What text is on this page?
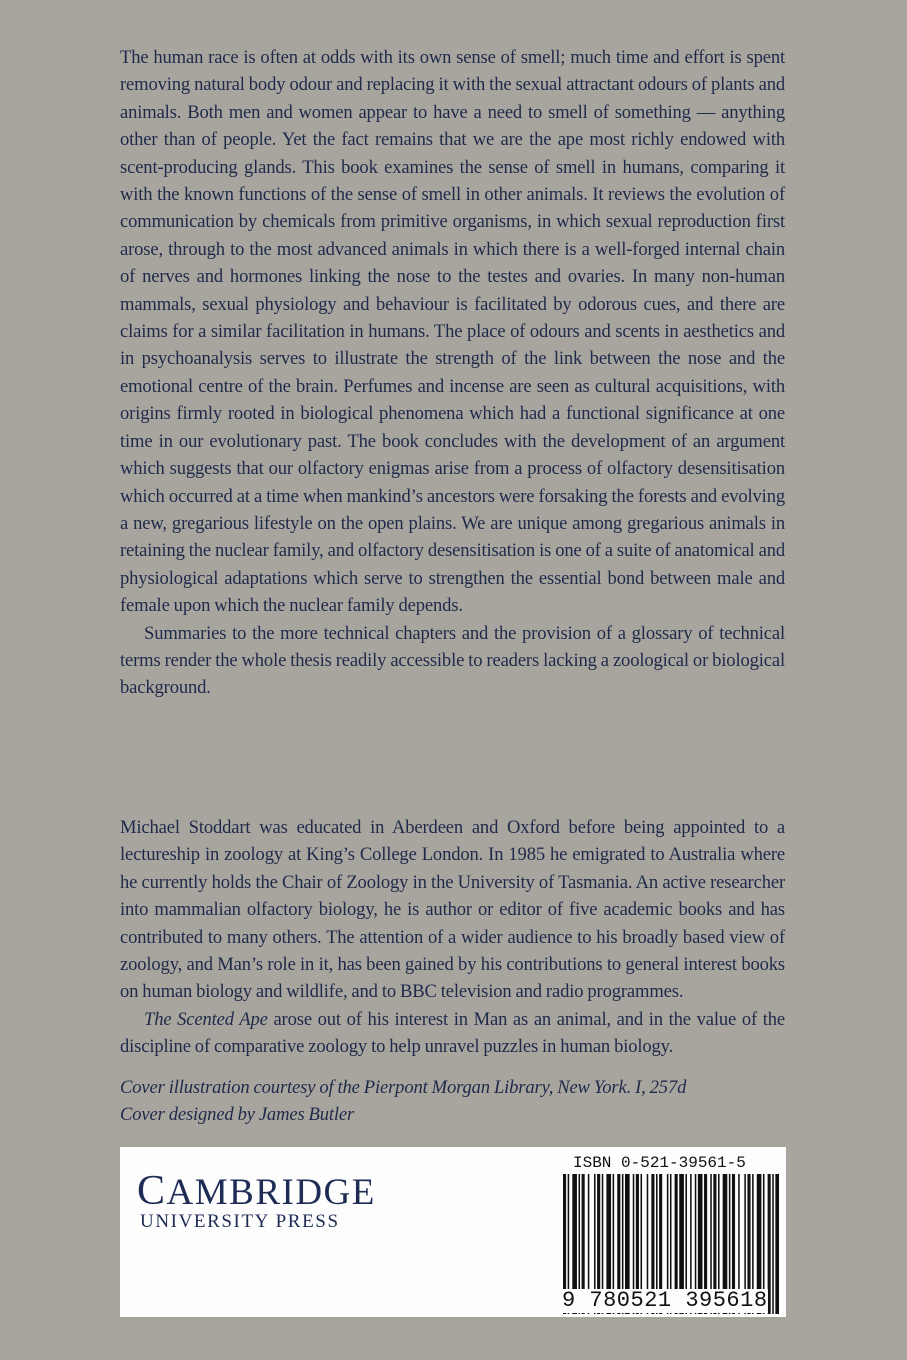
The human race is often at odds with its own sense of smell; much time and effort is spent removing natural body odour and replacing it with the sexual attractant odours of plants and animals. Both men and women appear to have a need to smell of something — anything other than of people. Yet the fact remains that we are the ape most richly endowed with scent-producing glands. This book examines the sense of smell in humans, comparing it with the known functions of the sense of smell in other animals. It reviews the evolution of communication by chemicals from primitive organisms, in which sexual reproduction first arose, through to the most advanced animals in which there is a well-forged internal chain of nerves and hormones linking the nose to the testes and ovaries. In many non-human mammals, sexual physiology and behaviour is facilitated by odorous cues, and there are claims for a similar facilitation in humans. The place of odours and scents in aesthetics and in psychoanalysis serves to illustrate the strength of the link between the nose and the emotional centre of the brain. Perfumes and incense are seen as cultural acquisitions, with origins firmly rooted in biological phenomena which had a functional significance at one time in our evolutionary past. The book concludes with the development of an argument which suggests that our olfactory enigmas arise from a process of olfactory desensitisation which occurred at a time when mankind’s ancestors were forsaking the forests and evolving a new, gregarious lifestyle on the open plains. We are unique among gregarious animals in retaining the nuclear family, and olfactory desensitisation is one of a suite of anatomical and physiological adaptations which serve to strengthen the essential bond between male and female upon which the nuclear family depends.

Summaries to the more technical chapters and the provision of a glossary of technical terms render the whole thesis readily accessible to readers lacking a zoological or biological background.

Michael Stoddart was educated in Aberdeen and Oxford before being appointed to a lectureship in zoology at King’s College London. In 1985 he emigrated to Australia where he currently holds the Chair of Zoology in the University of Tasmania. An active researcher into mammalian olfactory biology, he is author or editor of five academic books and has contributed to many others. The attention of a wider audience to his broadly based view of zoology, and Man’s role in it, has been gained by his contributions to general interest books on human biology and wildlife, and to BBC television and radio programmes.

The Scented Ape arose out of his interest in Man as an animal, and in the value of the discipline of comparative zoology to help unravel puzzles in human biology.

Cover illustration courtesy of the Pierpont Morgan Library, New York. I, 257d

Cover designed by James Butler

CAMBRIDGE
UNIVERSITY PRESS
ISBN 0-521-39561-5
9 780521 395618
